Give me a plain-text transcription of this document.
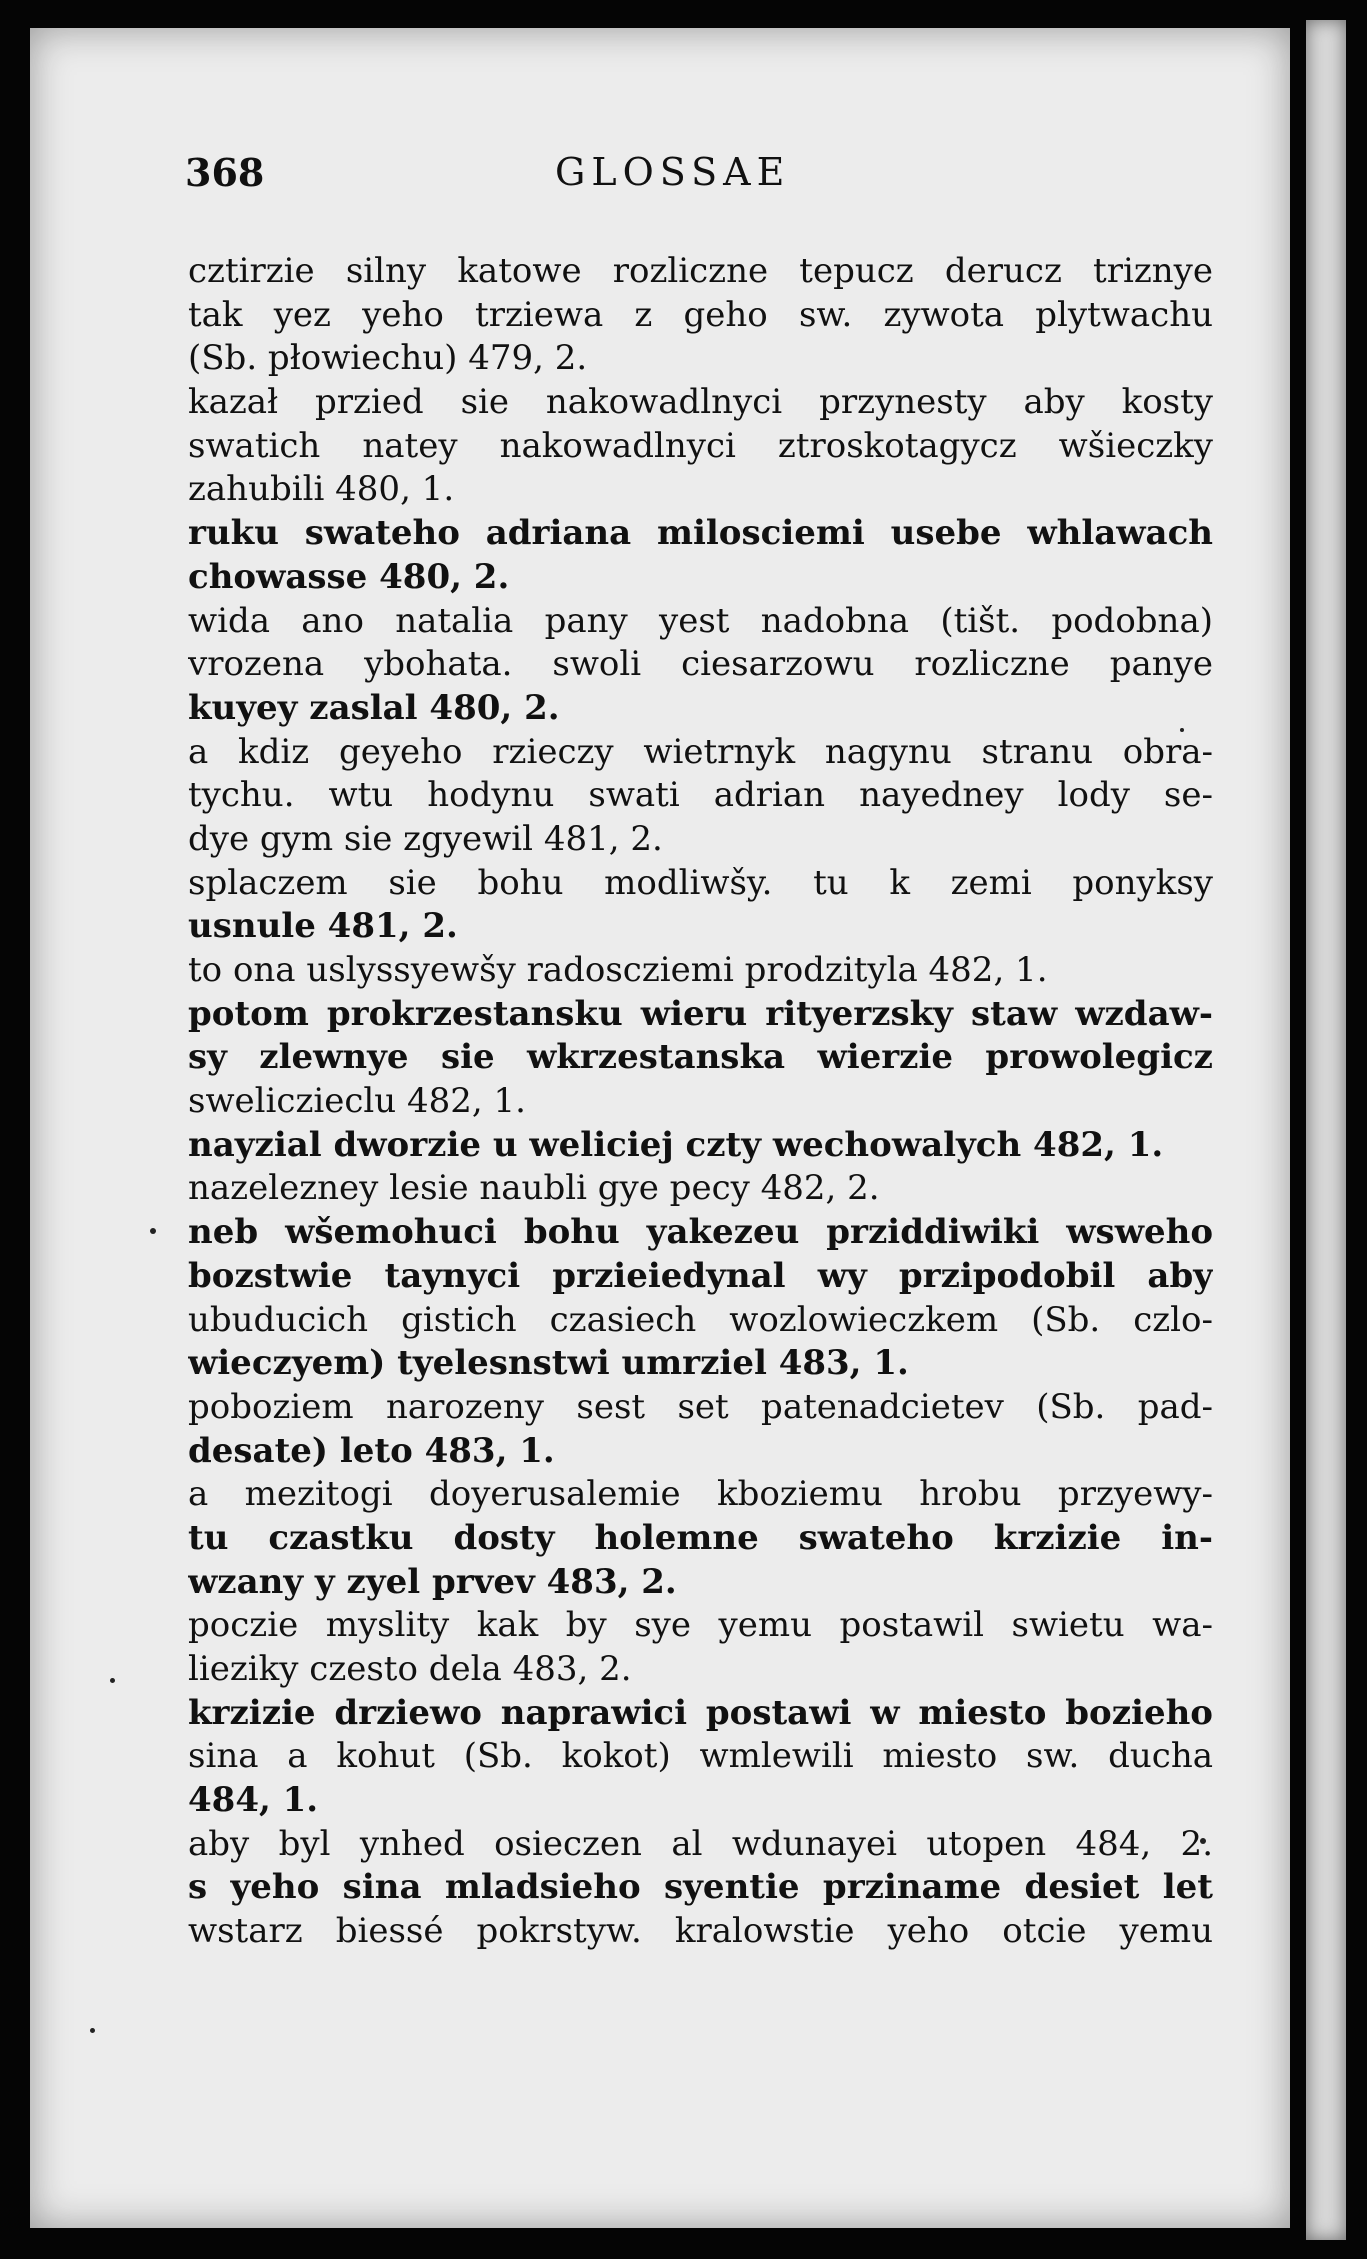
368	GLOSSAE
cztirzie silny katowe rozliczne tepucz derucz triznye
tak yez yeho trziewa z geho sw. zywota plytwachu
(Sb. płowiechu) 479, 2.
kazał przied sie nakowadlnyci przynesty aby kosty
swatich natey nakowadlnyci ztroskotagycz wšieczky
zahubili 480, 1.
ruku swateho adriana milosciemi usebe whlawach
chowasse 480, 2.
wida ano natalia pany yest nadobna (tišt. podobna)
vrozena ybohata. swoli ciesarzowu rozliczne panye
kuyey zaslal 480, 2.
a kdiz geyeho rzieczy wietrnyk nagynu stranu obra-
tychu. wtu hodynu swati adrian nayedney lody se-
dye gym sie zgyewil 481, 2.
splaczem sie bohu modliwšy. tu k zemi ponyksy
usnule 481, 2.
to ona uslyssyewšy radoscziemi prodzityla 482, 1.
potom prokrzestansku wieru rityerzsky staw wzdaw-
sy zlewnye sie wkrzestanska wierzie prowolegicz
sweliczieclu 482, 1.
nayzial dworzie u weliciej czty wechowalych 482, 1.
nazelezney lesie naubli gye pecy 482, 2.
neb wšemohuci bohu yakezeu prziddiwiki wsweho
bozstwie taynyci przieiedynal wy przipodobil aby
ubuducich gistich czasiech wozlowieczkem (Sb. czlo-
wieczyem) tyelesnstwi umrziel 483, 1.
poboziem narozeny sest set patenadcietev (Sb. pad-
desate) leto 483, 1.
a mezitogi doyerusalemie kboziemu hrobu przyewy-
tu czastku dosty holemne swateho krzizie in-
wzany y zyel prvev 483, 2.
poczie myslity kak by sye yemu postawil swietu wa-
lieziky czesto dela 483, 2.
krzizie drziewo naprawici postawi w miesto bozieho
sina a kohut (Sb. kokot) wmlewili miesto sw. ducha
484, 1.
aby byl ynhed osieczen al wdunayei utopen 484, 2.
s yeho sina mladsieho syentie prziname desiet let
wstarz biessé pokrstyw. kralowstie yeho otcie yemu
